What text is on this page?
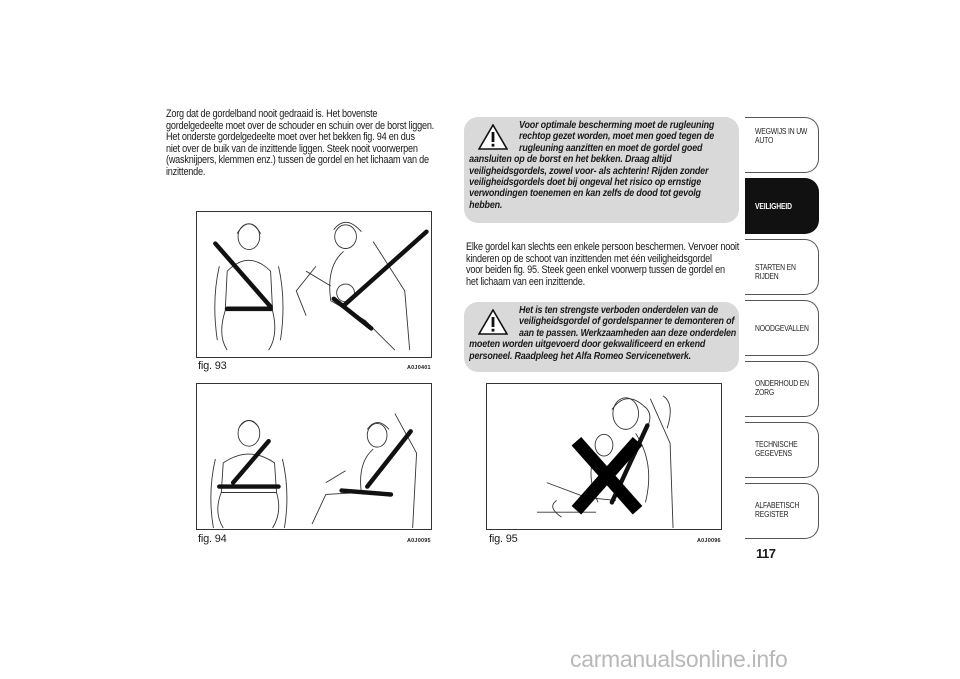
Zorg dat de gordelband nooit gedraaid is. Het bovenste
gordelgedeelte moet over de schouder en schuin over de borst liggen.
Het onderste gordelgedeelte moet over het bekken fig. 94 en dus
niet over de buik van de inzittende liggen. Steek nooit voorwerpen
(wasknijpers, klemmen enz.) tussen de gordel en het lichaam van de
inzittende.
Voor optimale bescherming moet de rugleuning
rechtop gezet worden, moet men goed tegen de
rugleuning aanzitten en moet de gordel goed
aansluiten op de borst en het bekken. Draag altijd
veiligheidsgordels, zowel voor- als achterin! Rijden zonder
veiligheidsgordels doet bij ongeval het risico op ernstige
verwondingen toenemen en kan zelfs de dood tot gevolg
hebben.
Elke gordel kan slechts een enkele persoon beschermen. Vervoer nooit
kinderen op de schoot van inzittenden met één veiligheidsgordel
voor beiden fig. 95. Steek geen enkel voorwerp tussen de gordel en
het lichaam van een inzittende.
Het is ten strengste verboden onderdelen van de
veiligheidsgordel of gordelspanner te demonteren of
aan te passen. Werkzaamheden aan deze onderdelen
moeten worden uitgevoerd door gekwalificeerd en erkend
personeel. Raadpleeg het Alfa Romeo Servicenetwerk.
fig. 93	A0J0401
fig. 94	A0J0095	fig. 95	A0J0096
WEGWIJS IN UW AUTO
VEILIGHEID
STARTEN EN RIJDEN
NOODGEVALLEN
ONDERHOUD EN ZORG
TECHNISCHE GEGEVENS
ALFABETISCH REGISTER
117
carmanualsonline.info
